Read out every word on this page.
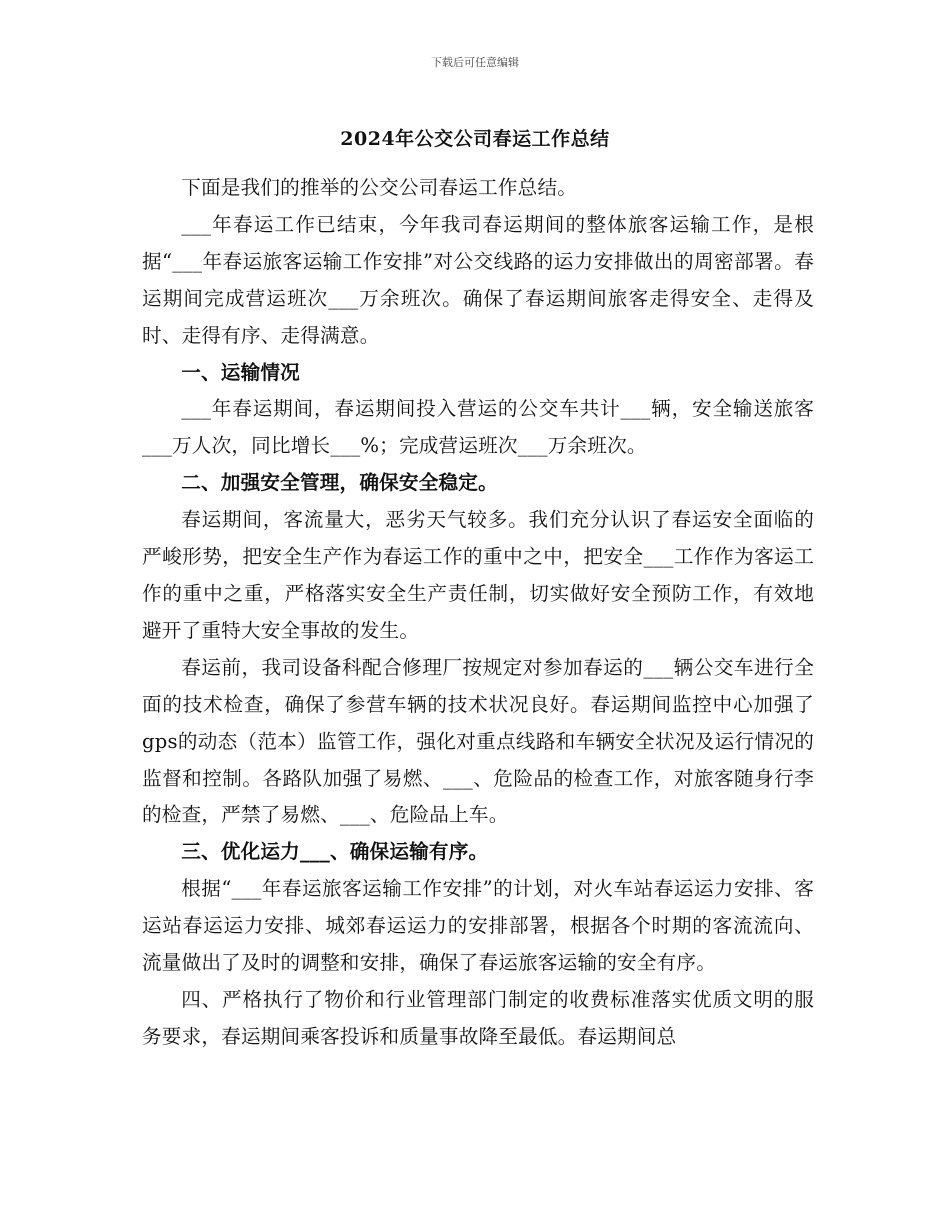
下载后可任意编辑
2024年公交公司春运工作总结

下面是我们的推举的公交公司春运工作总结。

___年春运工作已结束，今年我司春运期间的整体旅客运输工作，是根据“___年春运旅客运输工作安排”对公交线路的运力安排做出的周密部署。春运期间完成营运班次___万余班次。确保了春运期间旅客走得安全、走得及时、走得有序、走得满意。

一、运输情况

___年春运期间，春运期间投入营运的公交车共计___辆，安全输送旅客___万人次，同比增长___%；完成营运班次___万余班次。

二、加强安全管理，确保安全稳定。

春运期间，客流量大，恶劣天气较多。我们充分认识了春运安全面临的严峻形势，把安全生产作为春运工作的重中之中，把安全___工作作为客运工作的重中之重，严格落实安全生产责任制，切实做好安全预防工作，有效地避开了重特大安全事故的发生。

春运前，我司设备科配合修理厂按规定对参加春运的___辆公交车进行全面的技术检查，确保了参营车辆的技术状况良好。春运期间监控中心加强了gps的动态（范本）监管工作，强化对重点线路和车辆安全状况及运行情况的监督和控制。各路队加强了易燃、___、危险品的检查工作，对旅客随身行李的检查，严禁了易燃、___、危险品上车。

三、优化运力___、确保运输有序。

根据“___年春运旅客运输工作安排”的计划，对火车站春运运力安排、客运站春运运力安排、城郊春运运力的安排部署，根据各个时期的客流流向、流量做出了及时的调整和安排，确保了春运旅客运输的安全有序。

四、严格执行了物价和行业管理部门制定的收费标准落实优质文明的服务要求，春运期间乘客投诉和质量事故降至最低。春运期间总
